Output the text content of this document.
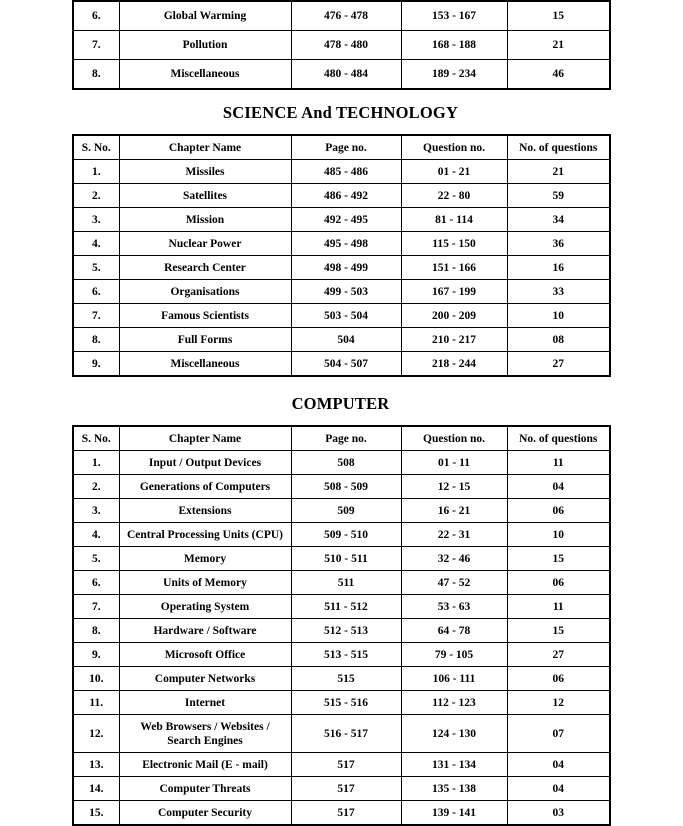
6.	Global Warming	476 - 478	153 - 167	15
7.	Pollution	478 - 480	168 - 188	21
8.	Miscellaneous	480 - 484	189 - 234	46
SCIENCE And TECHNOLOGY
S. No.	Chapter Name	Page no.	Question no.	No. of questions
1.	Missiles	485 - 486	01 - 21	21
2.	Satellites	486 - 492	22 - 80	59
3.	Mission	492 - 495	81 - 114	34
4.	Nuclear Power	495 - 498	115 - 150	36
5.	Research Center	498 - 499	151 - 166	16
6.	Organisations	499 - 503	167 - 199	33
7.	Famous Scientists	503 - 504	200 - 209	10
8.	Full Forms	504	210 - 217	08
9.	Miscellaneous	504 - 507	218 - 244	27
COMPUTER
S. No.	Chapter Name	Page no.	Question no.	No. of questions
1.	Input / Output Devices	508	01 - 11	11
2.	Generations of Computers	508 - 509	12 - 15	04
3.	Extensions	509	16 - 21	06
4.	Central Processing Units (CPU)	509 - 510	22 - 31	10
5.	Memory	510 - 511	32 - 46	15
6.	Units of Memory	511	47 - 52	06
7.	Operating System	511 - 512	53 - 63	11
8.	Hardware / Software	512 - 513	64 - 78	15
9.	Microsoft Office	513 - 515	79 - 105	27
10.	Computer Networks	515	106 - 111	06
11.	Internet	515 - 516	112 - 123	12
12.	Web Browsers / Websites / Search Engines	516 - 517	124 - 130	07
13.	Electronic Mail (E - mail)	517	131 - 134	04
14.	Computer Threats	517	135 - 138	04
15.	Computer Security	517	139 - 141	03
